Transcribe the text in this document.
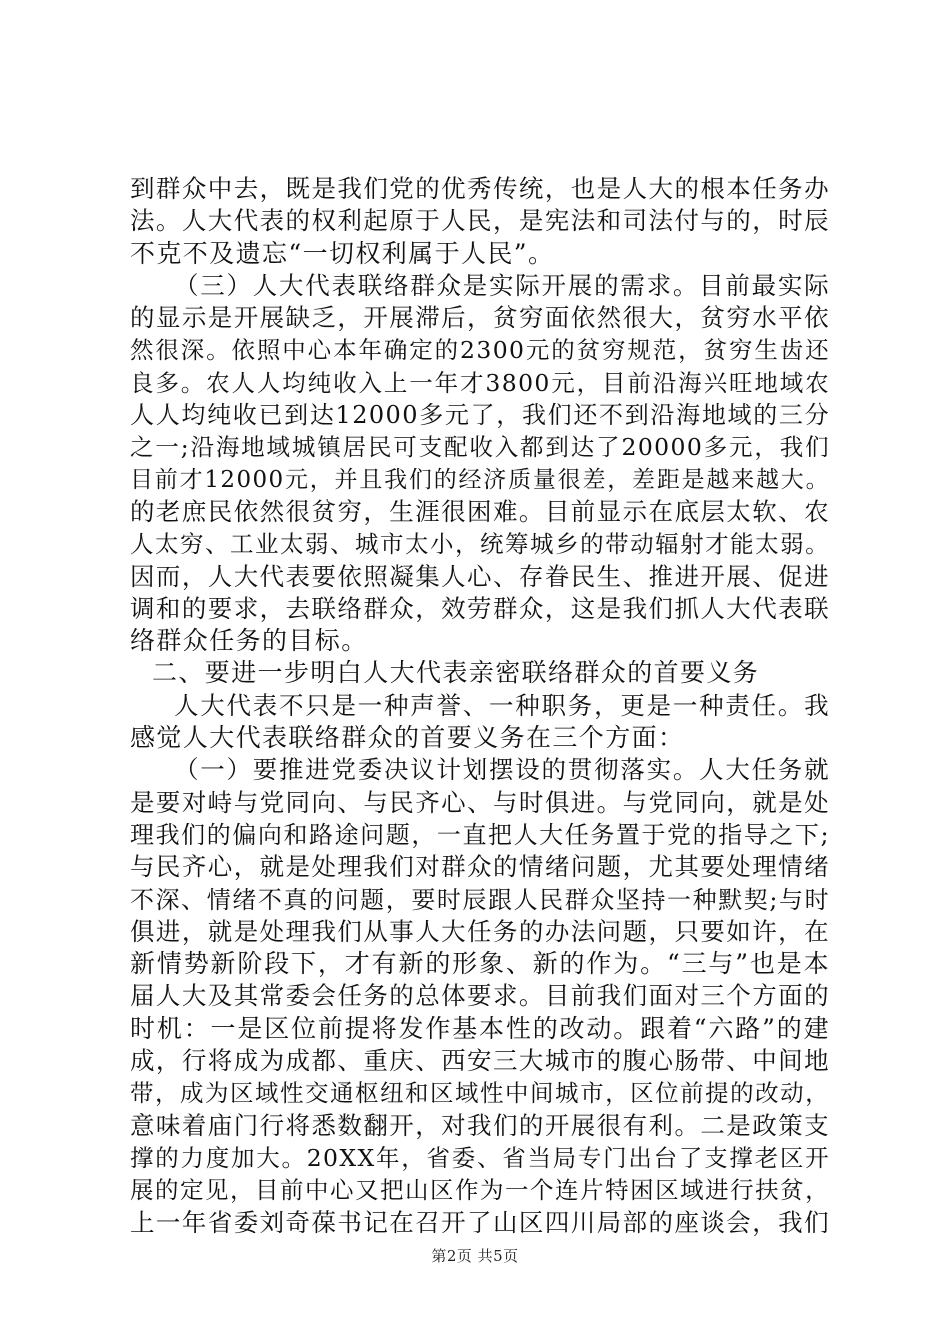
到群众中去，既是我们党的优秀传统，也是人大的根本任务办
法。人大代表的权利起原于人民，是宪法和司法付与的，时辰
不克不及遗忘“一切权利属于人民”。
（三）人大代表联络群众是实际开展的需求。目前最实际
的显示是开展缺乏，开展滞后，贫穷面依然很大，贫穷水平依
然很深。依照中心本年确定的2300元的贫穷规范，贫穷生齿还
良多。农人人均纯收入上一年才3800元，目前沿海兴旺地域农
人人均纯收已到达12000多元了，我们还不到沿海地域的三分
之一;沿海地域城镇居民可支配收入都到达了20000多元，我们
目前才12000元，并且我们的经济质量很差，差距是越来越大。
的老庶民依然很贫穷，生涯很困难。目前显示在底层太软、农
人太穷、工业太弱、城市太小，统筹城乡的带动辐射才能太弱。
因而，人大代表要依照凝集人心、存眷民生、推进开展、促进
调和的要求，去联络群众，效劳群众，这是我们抓人大代表联
络群众任务的目标。
二、要进一步明白人大代表亲密联络群众的首要义务
人大代表不只是一种声誉、一种职务，更是一种责任。我
感觉人大代表联络群众的首要义务在三个方面：
（一）要推进党委决议计划摆设的贯彻落实。人大任务就
是要对峙与党同向、与民齐心、与时俱进。与党同向，就是处
理我们的偏向和路途问题，一直把人大任务置于党的指导之下;
与民齐心，就是处理我们对群众的情绪问题，尤其要处理情绪
不深、情绪不真的问题，要时辰跟人民群众坚持一种默契;与时
俱进，就是处理我们从事人大任务的办法问题，只要如许，在
新情势新阶段下，才有新的形象、新的作为。“三与”也是本
届人大及其常委会任务的总体要求。目前我们面对三个方面的
时机：一是区位前提将发作基本性的改动。跟着“六路”的建
成，行将成为成都、重庆、西安三大城市的腹心肠带、中间地
带，成为区域性交通枢纽和区域性中间城市，区位前提的改动，
意味着庙门行将悉数翻开，对我们的开展很有利。二是政策支
撑的力度加大。20XX年，省委、省当局专门出台了支撑老区开
展的定见，目前中心又把山区作为一个连片特困区域进行扶贫，
上一年省委刘奇葆书记在召开了山区四川局部的座谈会，我们
第2页 共5页
